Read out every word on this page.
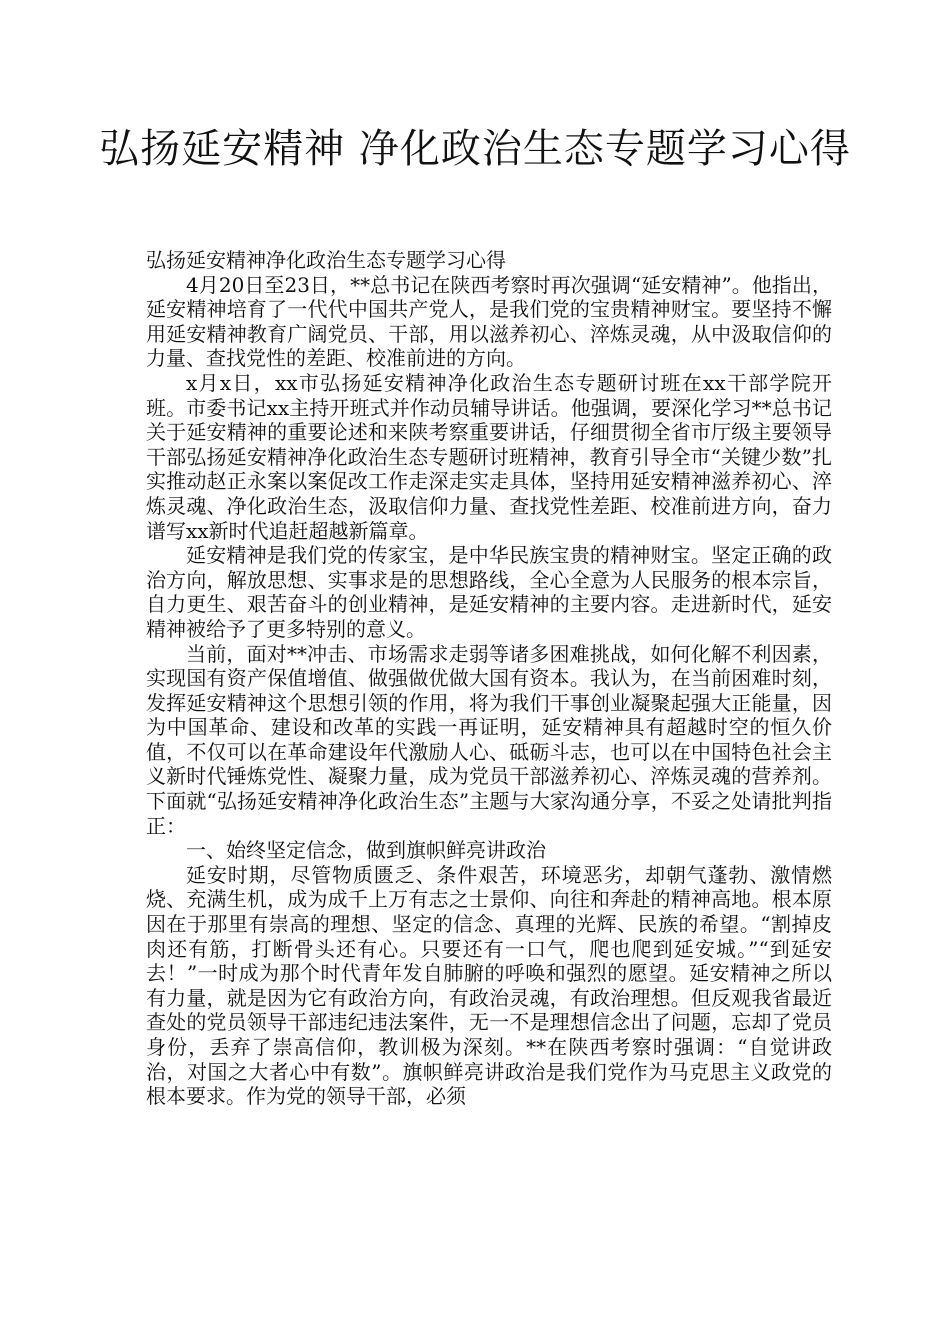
弘扬延安精神 净化政治生态专题学习心得

弘扬延安精神净化政治生态专题学习心得

4月20日至23日，**总书记在陕西考察时再次强调“延安精神”。他指出，延安精神培育了一代代中国共产党人，是我们党的宝贵精神财宝。要坚持不懈用延安精神教育广阔党员、干部，用以滋养初心、淬炼灵魂，从中汲取信仰的力量、查找党性的差距、校准前进的方向。

x月x日，xx市弘扬延安精神净化政治生态专题研讨班在xx干部学院开班。市委书记xx主持开班式并作动员辅导讲话。他强调，要深化学习**总书记关于延安精神的重要论述和来陕考察重要讲话，仔细贯彻全省市厅级主要领导干部弘扬延安精神净化政治生态专题研讨班精神，教育引导全市“关键少数”扎实推动赵正永案以案促改工作走深走实走具体，坚持用延安精神滋养初心、淬炼灵魂、净化政治生态，汲取信仰力量、查找党性差距、校准前进方向，奋力谱写xx新时代追赶超越新篇章。

延安精神是我们党的传家宝，是中华民族宝贵的精神财宝。坚定正确的政治方向，解放思想、实事求是的思想路线，全心全意为人民服务的根本宗旨，自力更生、艰苦奋斗的创业精神，是延安精神的主要内容。走进新时代，延安精神被给予了更多特别的意义。

当前，面对**冲击、市场需求走弱等诸多困难挑战，如何化解不利因素，实现国有资产保值增值、做强做优做大国有资本。我认为，在当前困难时刻，发挥延安精神这个思想引领的作用，将为我们干事创业凝聚起强大正能量，因为中国革命、建设和改革的实践一再证明，延安精神具有超越时空的恒久价值，不仅可以在革命建设年代激励人心、砥砺斗志，也可以在中国特色社会主义新时代锤炼党性、凝聚力量，成为党员干部滋养初心、淬炼灵魂的营养剂。下面就“弘扬延安精神净化政治生态”主题与大家沟通分享，不妥之处请批判指正：

一、始终坚定信念，做到旗帜鲜亮讲政治

延安时期，尽管物质匮乏、条件艰苦，环境恶劣，却朝气蓬勃、激情燃烧、充满生机，成为成千上万有志之士景仰、向往和奔赴的精神高地。根本原因在于那里有崇高的理想、坚定的信念、真理的光辉、民族的希望。“割掉皮肉还有筋，打断骨头还有心。只要还有一口气，爬也爬到延安城。”“到延安去！”一时成为那个时代青年发自肺腑的呼唤和强烈的愿望。延安精神之所以有力量，就是因为它有政治方向，有政治灵魂，有政治理想。但反观我省最近查处的党员领导干部违纪违法案件，无一不是理想信念出了问题，忘却了党员身份，丢弃了崇高信仰，教训极为深刻。**在陕西考察时强调：“自觉讲政治，对国之大者心中有数”。旗帜鲜亮讲政治是我们党作为马克思主义政党的根本要求。作为党的领导干部，必须
